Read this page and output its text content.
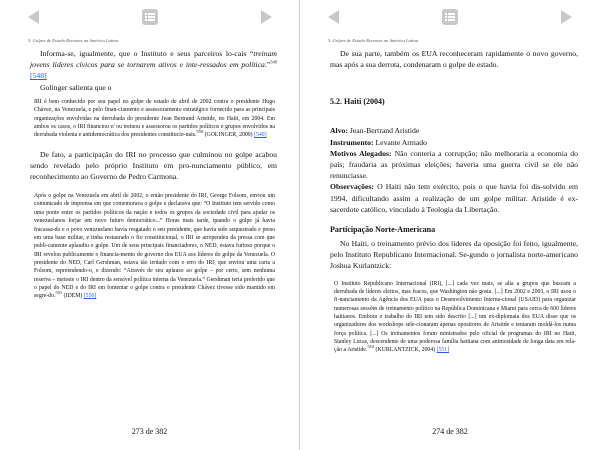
5. Golpes de Estado Recentes na América Latina

Informa-se, igualmente, que o Instituto e seus parceiros lo-cais “treinam jovens líderes cívicos para se tornarem ativos e inte-ressados em política.”$^{549}$ [548]

Golinger salienta que o

IRI é bem conhecido por seu papel no golpe de estado de abril de 2002 contra o presidente Hugo Chávez, na Venezuela, e pelo finan-ciamento e assessoramento estratégico fornecido para as principais organizações envolvidas na derrubada do presidente Jean Bertrand Aristide, no Haiti, em 2004. Em ambos os casos, o IRI financiou e/ ou treinou e assessorou os partidos políticos e grupos envolvidos na derrubada violenta e antidemocrática dos presidentes constitucio-nais.$^{550}$ (GOLINGER, 2009) [549]

De fato, a participação do IRI no processo que culminou no golpe acabou sendo revelado pelo próprio Instituto em pro-nunciamento público, em reconhecimento ao Governo de Pedro Carmona.

Após o golpe na Venezuela em abril de 2002, o então presidente do IRI, George Folsom, enviou um comunicado de imprensa em que comemorava o golpe e declarava que: “O Instituto tem servido como uma ponte entre os partidos políticos da nação e todos os grupos da sociedade civil para ajudar os venezuelanos forjar um novo futuro democrático...” Horas mais tarde, quando o golpe já havia fracassa-do e o povo venezuelano havia resgatado o seu presidente, que havia sido sequestrado e preso em uma base militar, e tinha restaurado o fio constitucional, o IRI se arrependeu da pressa com que publi-camente aplaudiu o golpe. Um de seus principais financiadores, o NED, estava furioso porque o IRI revelou publicamente o financia-mento do governo dos EUA aos líderes do golpe da Venezuela. O presidente do NED, Carl Gershman, estava tão irritado com o erro do IRI, que enviou uma carta a Folsom, repreendendo-o, e dizendo: “Através de seu aplauso ao golpe – por certo, sem nenhuma reserva – meteste o IRI dentro da sensível política interna da Venezuela.” Gershman teria preferido que o papel do NED e do IRI em fomentar o golpe contra o presidente Chávez tivesse sido mantido em segre-do.$^{551}$ (IDEM) [550]

273 de 382
5. Golpes de Estado Recentes na América Latina

De sua parte, também os EUA reconheceram rapidamente o novo governo, mas após a sua derrota, condenaram o golpe de estado.

5.2. Haiti (2004)

Alvo: Jean-Bertrand Aristide

Instrumento: Levante Armado

Motivos Alegados: Não conteria a corrupção; não melhoraria a economia do país; fraudaria as próximas eleições; haveria uma guerra civil se ele não renunciasse.

Observações: O Haiti não tem exército, pois o que havia foi dis-solvido em 1994, dificultando assim a realização de um golpe militar. Aristide é ex-sacerdote católico, vinculado à Teologia da Libertação.

Participação Norte-Americana

No Haiti, o treinamento prévio dos líderes da oposição foi feito, igualmente, pelo Instituto Republicano Internacional. Se-gundo o jornalista norte-americano Joshua Kurlantzick:

O Instituto Republicano Internacional (IRI), [...] cada vez mais, se alia a grupos que buscam a derrubada de líderes eleitos, mas fracos, que Washington não gosta. [...] Em 2002 e 2003, o IRI usou o fi-nanciamento da Agência dos EUA para o Desenvolvimento Interna-cional (USAID) para organizar numerosas sessões de treinamento político na República Dominicana e Miami para cerca de 600 líderes haitianos. Embora o trabalho do IRI tem sido descrito [...] um ex-diplomata dos EUA disse que os organizadores dos workshops sele-cionaram apenas opositores de Aristide e tentaram moldá-los numa força política. [...] Os treinamentos foram ministrados pelo oficial de programas do IRI no Haiti, Stanley Lucas, descendente de uma poderosa família haitiana com animosidade de longa data em rela-ção a Aristide.$^{552}$ (KURLANTZICK, 2004) [551]

274 de 382
